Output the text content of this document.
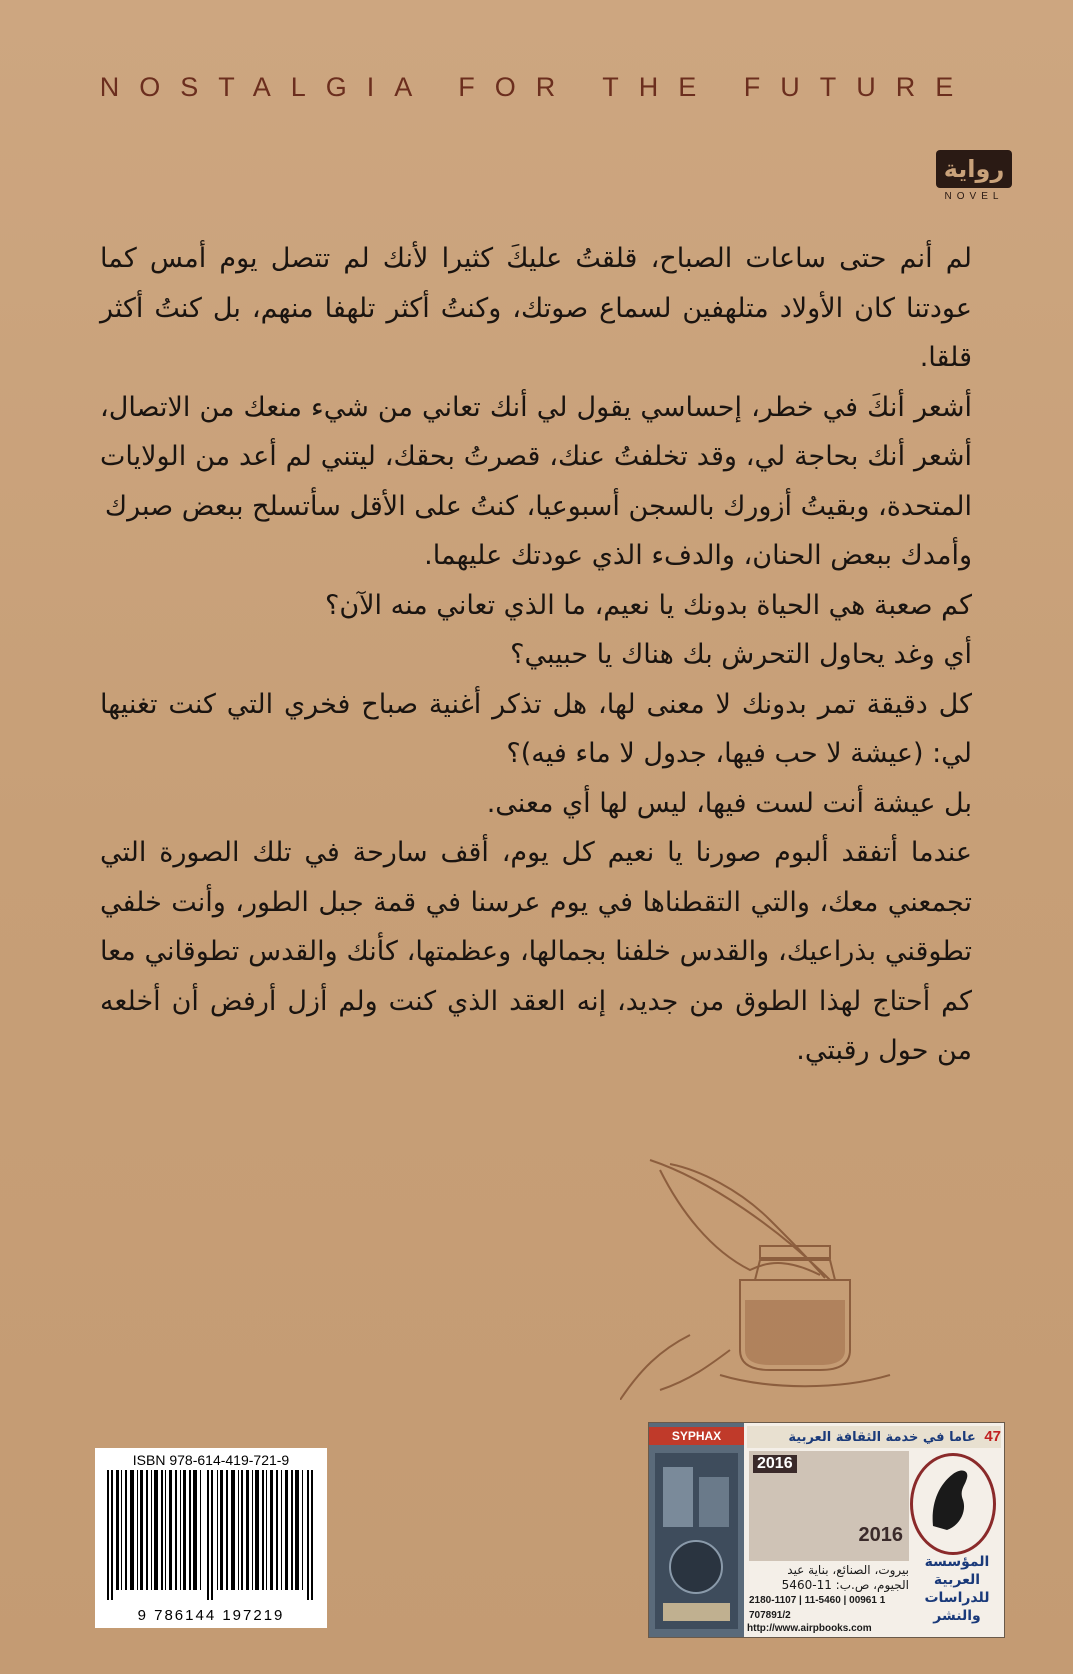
NOSTALGIA FOR THE FUTURE
رواية
NOVEL

لم أنم حتى ساعات الصباح، قلقتُ عليكَ كثيرا لأنك لم تتصل يوم أمس كما عودتنا كان الأولاد متلهفين لسماع صوتك، وكنتُ أكثر تلهفا منهم، بل كنتُ أكثر قلقا.

أشعر أنكَ في خطر، إحساسي يقول لي أنك تعاني من شيء منعك من الاتصال، أشعر أنك بحاجة لي، وقد تخلفتُ عنك، قصرتُ بحقك، ليتني لم أعد من الولايات المتحدة، وبقيتُ أزورك بالسجن أسبوعيا، كنتُ على الأقل سأتسلح ببعض صبرك

وأمدك ببعض الحنان، والدفء الذي عودتك عليهما.

كم صعبة هي الحياة بدونك يا نعيم، ما الذي تعاني منه الآن؟

أي وغد يحاول التحرش بك هناك يا حبيبي؟

كل دقيقة تمر بدونك لا معنى لها، هل تذكر أغنية صباح فخري التي كنت تغنيها لي: (عيشة لا حب فيها، جدول لا ماء فيه)؟

بل عيشة أنت لست فيها، ليس لها أي معنى.

عندما أتفقد ألبوم صورنا يا نعيم كل يوم، أقف سارحة في تلك الصورة التي تجمعني معك، والتي التقطناها في يوم عرسنا في قمة جبل الطور، وأنت خلفي تطوقني بذراعيك، والقدس خلفنا بجمالها، وعظمتها، كأنك والقدس تطوقاني معا كم أحتاج لهذا الطوق من جديد، إنه العقد الذي كنت ولم أزل أرفض أن أخلعه من حول رقبتي.

ISBN 978-614-419-721-9
9 786144 197219
SYPHAX	47 عاما في خدمة الثقافة العربية
2016
2016
بيروت، الصنائع، بناية عيد الجيوم، ص.ب: 11-5460
2180-1107 | 11-5460 | 00961 1 707891/2
http://www.airpbooks.com
المؤسسة العربية للدراسات والنشر
